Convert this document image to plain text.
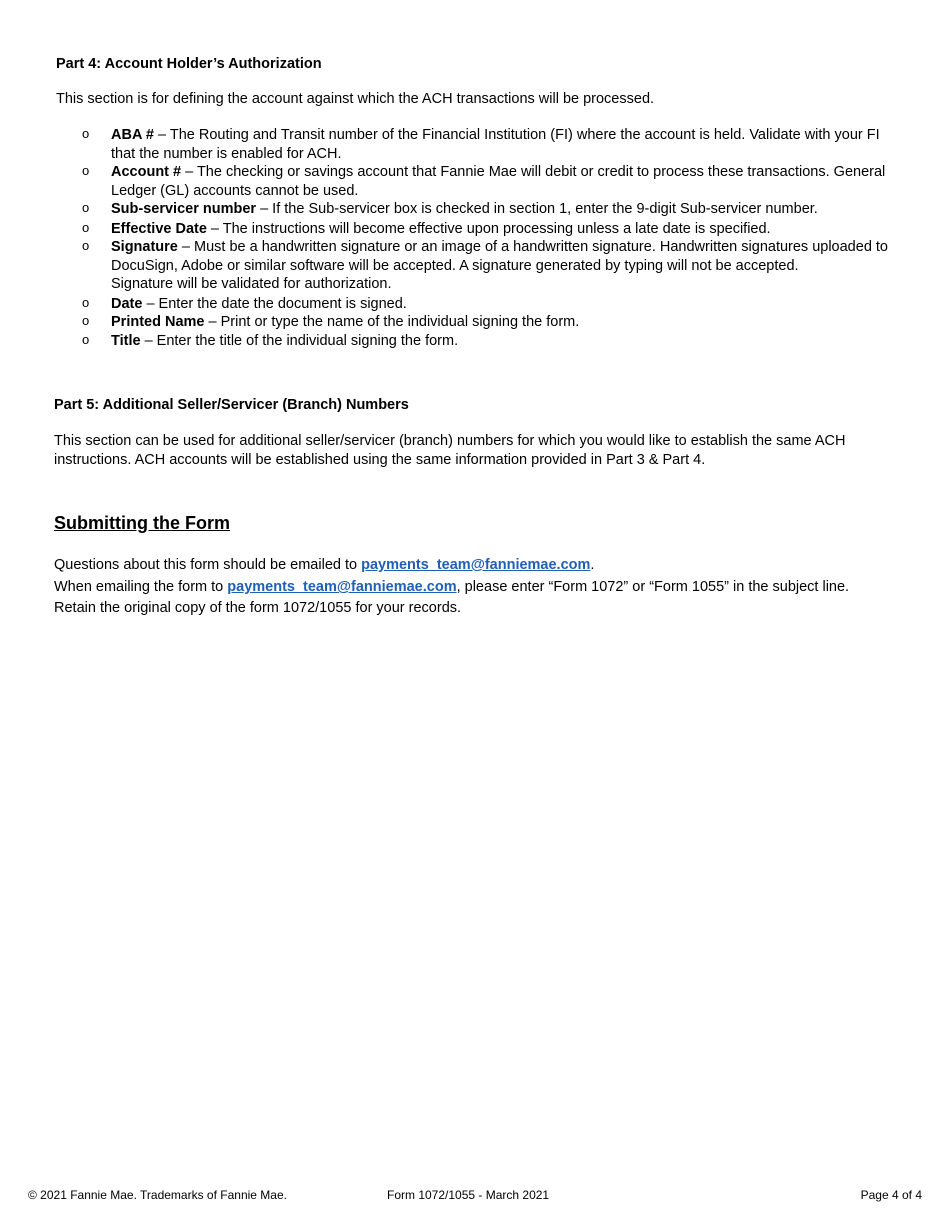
Part 4: Account Holder’s Authorization
This section is for defining the account against which the ACH transactions will be processed.
o ABA # – The Routing and Transit number of the Financial Institution (FI) where the account is held. Validate with your FI that the number is enabled for ACH.
o Account # – The checking or savings account that Fannie Mae will debit or credit to process these transactions. General Ledger (GL) accounts cannot be used.
o Sub-servicer number – If the Sub-servicer box is checked in section 1, enter the 9-digit Sub-servicer number.
o Effective Date – The instructions will become effective upon processing unless a late date is specified.
o Signature – Must be a handwritten signature or an image of a handwritten signature. Handwritten signatures uploaded to DocuSign, Adobe or similar software will be accepted. A signature generated by typing will not be accepted.
Signature will be validated for authorization.
o Date – Enter the date the document is signed.
o Printed Name – Print or type the name of the individual signing the form.
o Title – Enter the title of the individual signing the form.
Part 5: Additional Seller/Servicer (Branch) Numbers
This section can be used for additional seller/servicer (branch) numbers for which you would like to establish the same ACH instructions. ACH accounts will be established using the same information provided in Part 3 & Part 4.
Submitting the Form
Questions about this form should be emailed to payments_team@fanniemae.com.
When emailing the form to payments_team@fanniemae.com, please enter “Form 1072” or “Form 1055” in the subject line.
Retain the original copy of the form 1072/1055 for your records.
© 2021 Fannie Mae. Trademarks of Fannie Mae.	Form 1072/1055 - March 2021	Page 4 of 4
